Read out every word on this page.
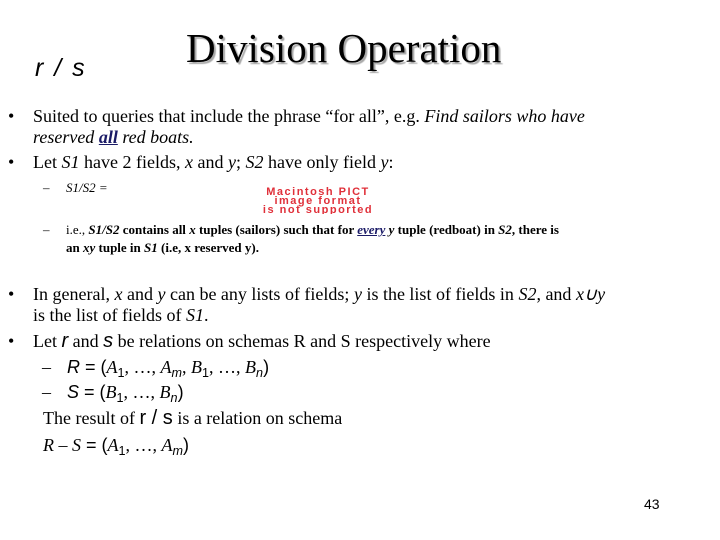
r / s Division Operation
• Suited to queries that include the phrase “for all”, e.g. Find sailors who have
reserved all red boats.
• Let S1 have 2 fields, x and y; S2 have only field y:
– S1/S2 =	Macintosh PICT
image format
is not supported
– i.e., S1/S2 contains all x tuples (sailors) such that for every y tuple (redboat) in S2, there is
an xy tuple in S1 (i.e, x reserved y).
• In general, x and y can be any lists of fields; y is the list of fields in S2, and x∪y
is the list of fields of S1.
• Let r and s be relations on schemas R and S respectively where
– $R = (A_1$, …, $A_m$, $B_1$, …, $B_n$)
– $S = (B_1$, …, $B_n$)
The result of r / s is a relation on schema
$R - S = (A_1$, …, $A_m$)
43
